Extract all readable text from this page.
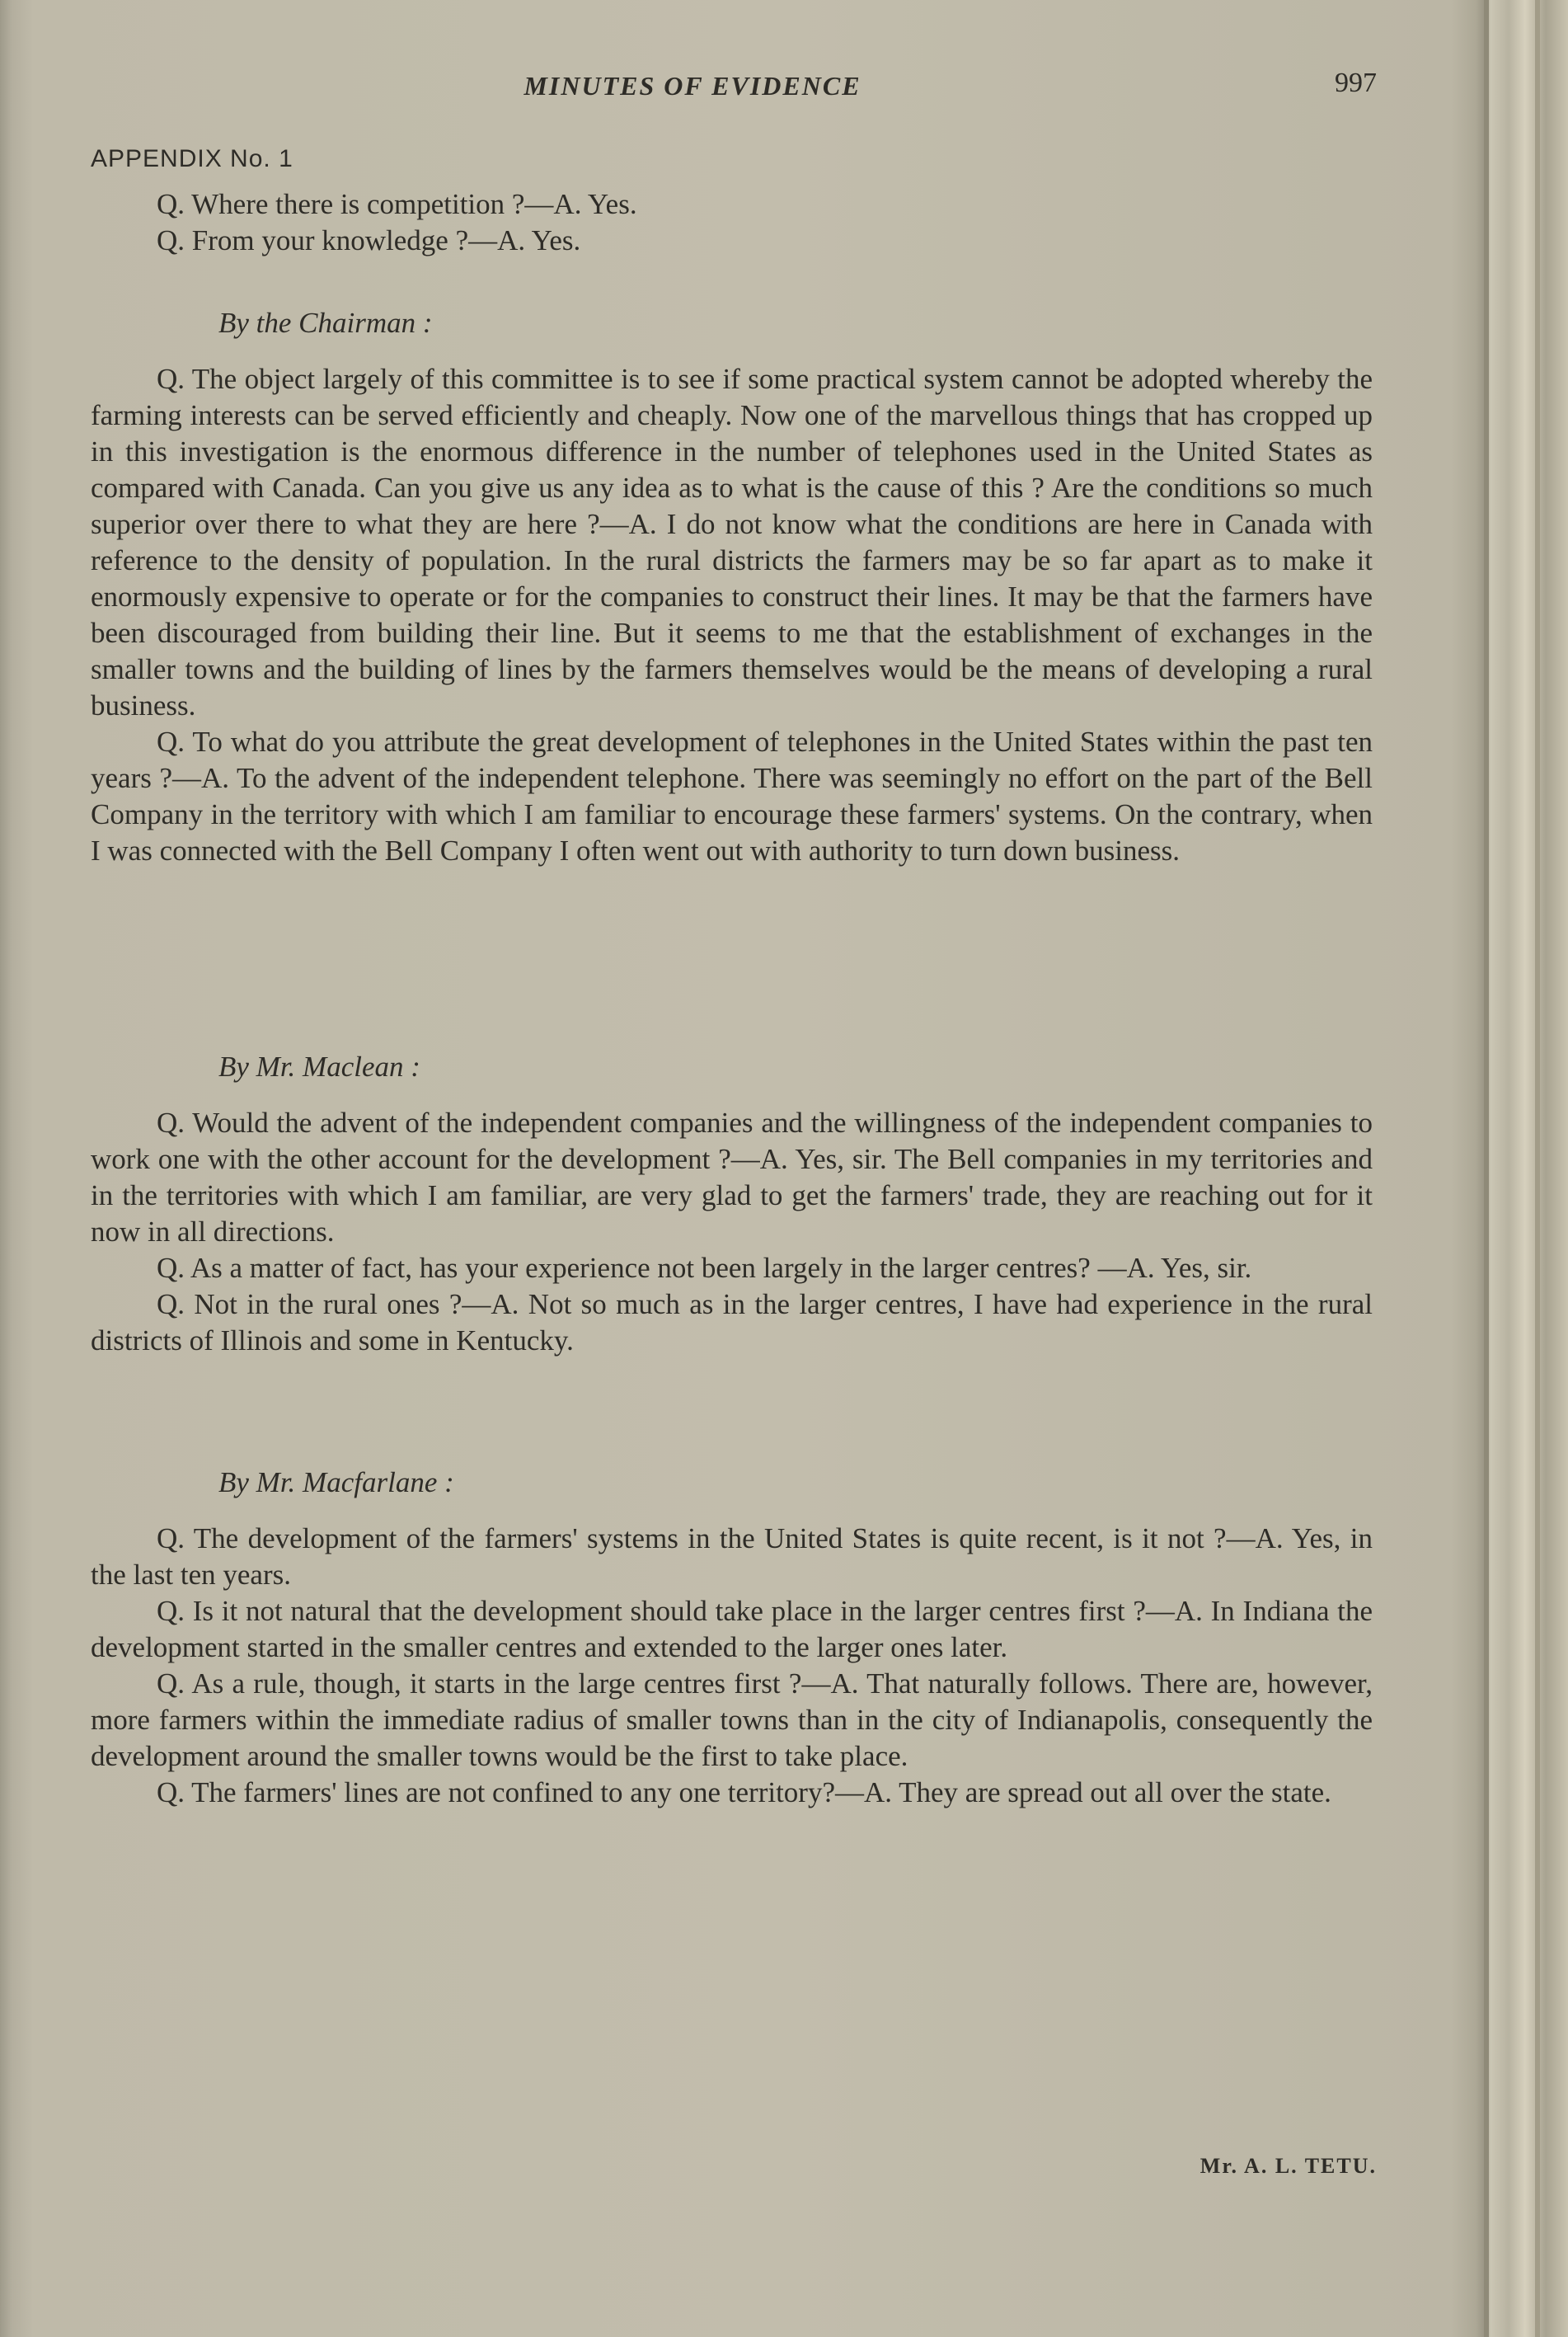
MINUTES OF EVIDENCE	997
APPENDIX No. 1

Q. Where there is competition ?—A. Yes.

Q. From your knowledge ?—A. Yes.

By the Chairman :

Q. The object largely of this committee is to see if some practical system cannot be adopted whereby the farming interests can be served efficiently and cheaply. Now one of the marvellous things that has cropped up in this investigation is the enormous difference in the number of telephones used in the United States as compared with Canada. Can you give us any idea as to what is the cause of this ? Are the conditions so much superior over there to what they are here ?—A. I do not know what the conditions are here in Canada with reference to the density of population. In the rural districts the farmers may be so far apart as to make it enormously expensive to operate or for the companies to construct their lines. It may be that the farmers have been discouraged from building their line. But it seems to me that the establishment of exchanges in the smaller towns and the building of lines by the farmers themselves would be the means of developing a rural business.

Q. To what do you attribute the great development of telephones in the United States within the past ten years ?—A. To the advent of the independent telephone. There was seemingly no effort on the part of the Bell Company in the territory with which I am familiar to encourage these farmers' systems. On the contrary, when I was connected with the Bell Company I often went out with authority to turn down business.

By Mr. Maclean :

Q. Would the advent of the independent companies and the willingness of the independent companies to work one with the other account for the development ?—A. Yes, sir. The Bell companies in my territories and in the territories with which I am familiar, are very glad to get the farmers' trade, they are reaching out for it now in all directions.

Q. As a matter of fact, has your experience not been largely in the larger centres? —A. Yes, sir.

Q. Not in the rural ones ?—A. Not so much as in the larger centres, I have had experience in the rural districts of Illinois and some in Kentucky.

By Mr. Macfarlane :

Q. The development of the farmers' systems in the United States is quite recent, is it not ?—A. Yes, in the last ten years.

Q. Is it not natural that the development should take place in the larger centres first ?—A. In Indiana the development started in the smaller centres and extended to the larger ones later.

Q. As a rule, though, it starts in the large centres first ?—A. That naturally follows. There are, however, more farmers within the immediate radius of smaller towns than in the city of Indianapolis, consequently the development around the smaller towns would be the first to take place.

Q. The farmers' lines are not confined to any one territory?—A. They are spread out all over the state.

Mr. A. L. TETU.
